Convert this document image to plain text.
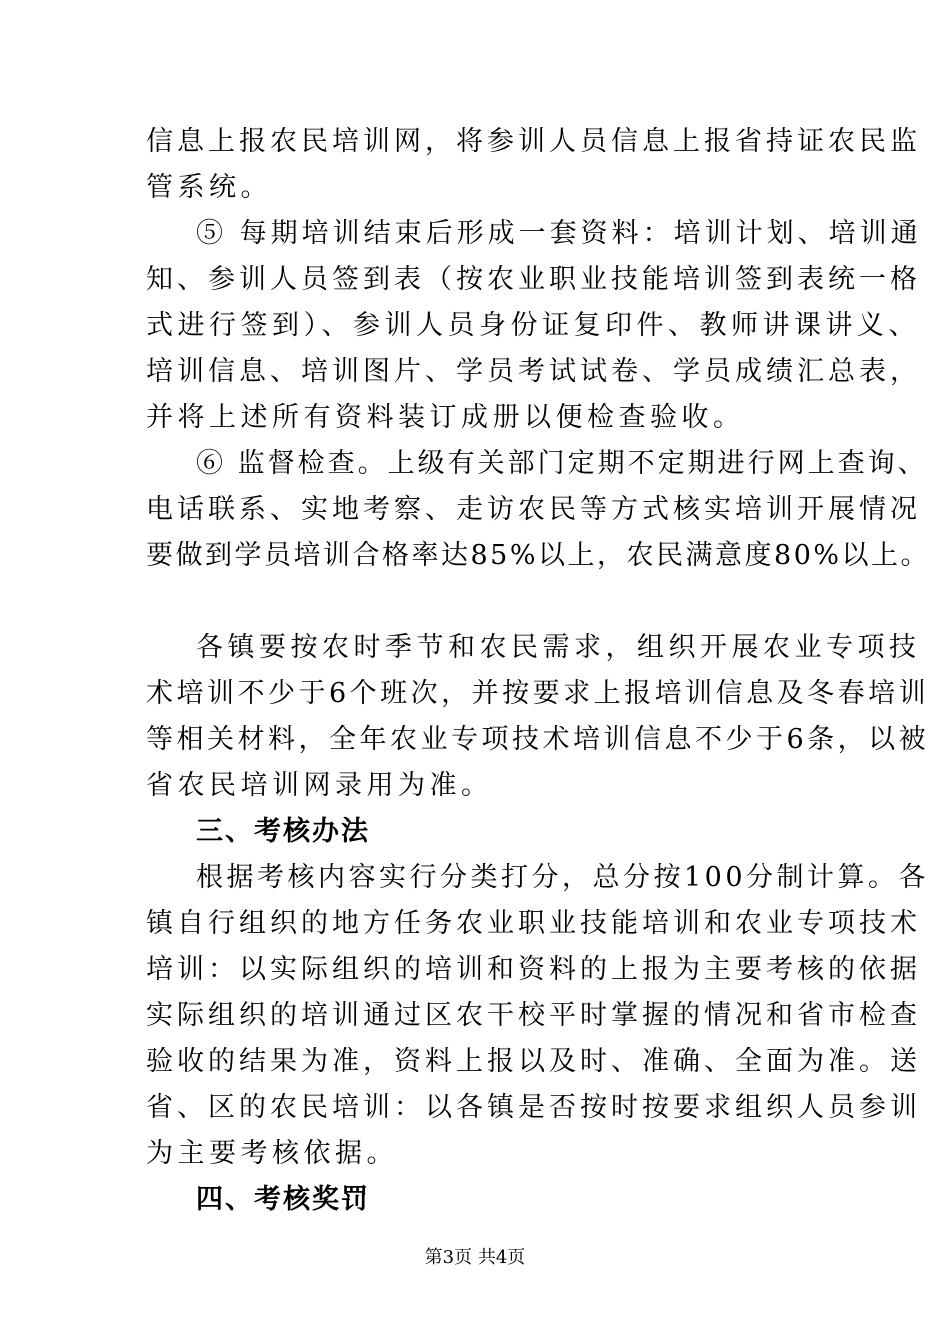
信息上报农民培训网，将参训人员信息上报省持证农民监
管系统。
⑤ 每期培训结束后形成一套资料：培训计划、培训通
知、参训人员签到表（按农业职业技能培训签到表统一格
式进行签到）、参训人员身份证复印件、教师讲课讲义、
培训信息、培训图片、学员考试试卷、学员成绩汇总表，
并将上述所有资料装订成册以便检查验收。
⑥ 监督检查。上级有关部门定期不定期进行网上查询、
电话联系、实地考察、走访农民等方式核实培训开展情况
要做到学员培训合格率达85%以上，农民满意度80%以上。
各镇要按农时季节和农民需求，组织开展农业专项技
术培训不少于6个班次，并按要求上报培训信息及冬春培训
等相关材料，全年农业专项技术培训信息不少于6条，以被
省农民培训网录用为准。
三、考核办法
根据考核内容实行分类打分，总分按100分制计算。各
镇自行组织的地方任务农业职业技能培训和农业专项技术
培训：以实际组织的培训和资料的上报为主要考核的依据
实际组织的培训通过区农干校平时掌握的情况和省市检查
验收的结果为准，资料上报以及时、准确、全面为准。送
省、区的农民培训：以各镇是否按时按要求组织人员参训
为主要考核依据。
四、考核奖罚
第3页 共4页
